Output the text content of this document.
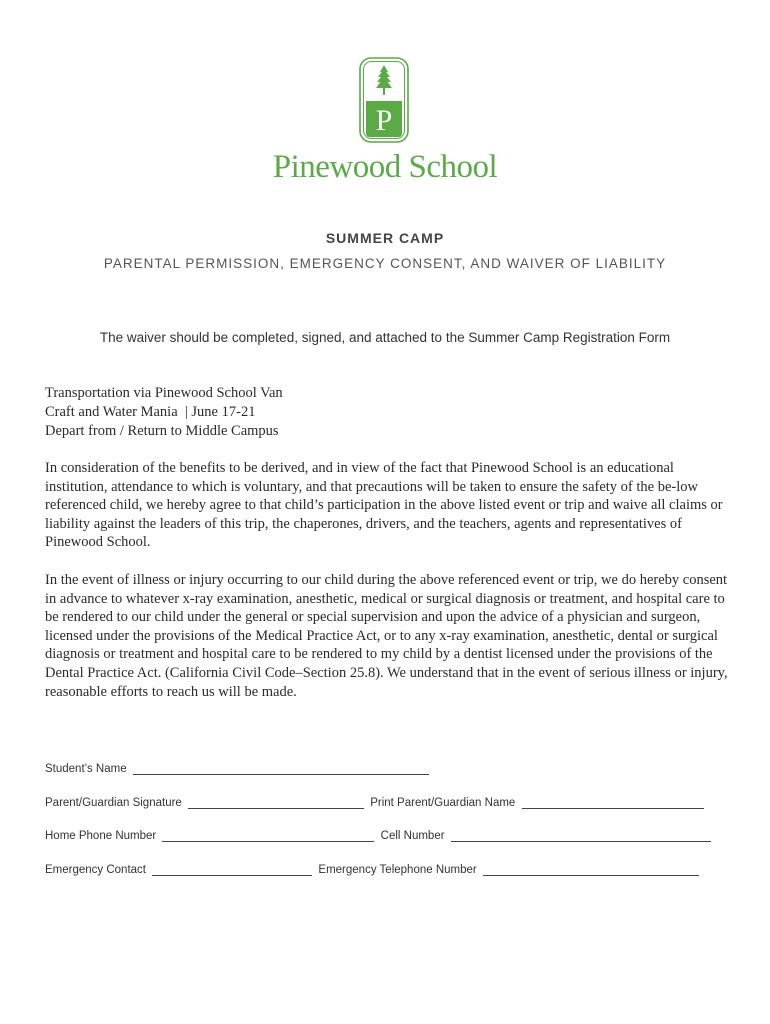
P
Pinewood School
SUMMER CAMP
PARENTAL PERMISSION, EMERGENCY CONSENT, AND WAIVER OF LIABILITY
The waiver should be completed, signed, and attached to the Summer Camp Registration Form
Transportation via Pinewood School Van
Craft and Water Mania  | June 17-21
Depart from / Return to Middle Campus

In consideration of the benefits to be derived, and in view of the fact that Pinewood School is an educational institution, attendance to which is voluntary, and that precautions will be taken to ensure the safety of the be-low referenced child, we hereby agree to that child’s participation in the above listed event or trip and waive all claims or liability against the leaders of this trip, the chaperones, drivers, and the teachers, agents and representatives of Pinewood School.

In the event of illness or injury occurring to our child during the above referenced event or trip, we do hereby consent in advance to whatever x-ray examination, anesthetic, medical or surgical diagnosis or treatment, and hospital care to be rendered to our child under the general or special supervision and upon the advice of a physician and surgeon, licensed under the provisions of the Medical Practice Act, or to any x-ray examination, anesthetic, dental or surgical diagnosis or treatment and hospital care to be rendered to my child by a dentist licensed under the provisions of the Dental Practice Act. (California Civil Code–Section 25.8). We understand that in the event of serious illness or injury, reasonable efforts to reach us will be made.

Student’s Name
Parent/Guardian Signature	Print Parent/Guardian Name
Home Phone Number	Cell Number
Emergency Contact	Emergency Telephone Number
